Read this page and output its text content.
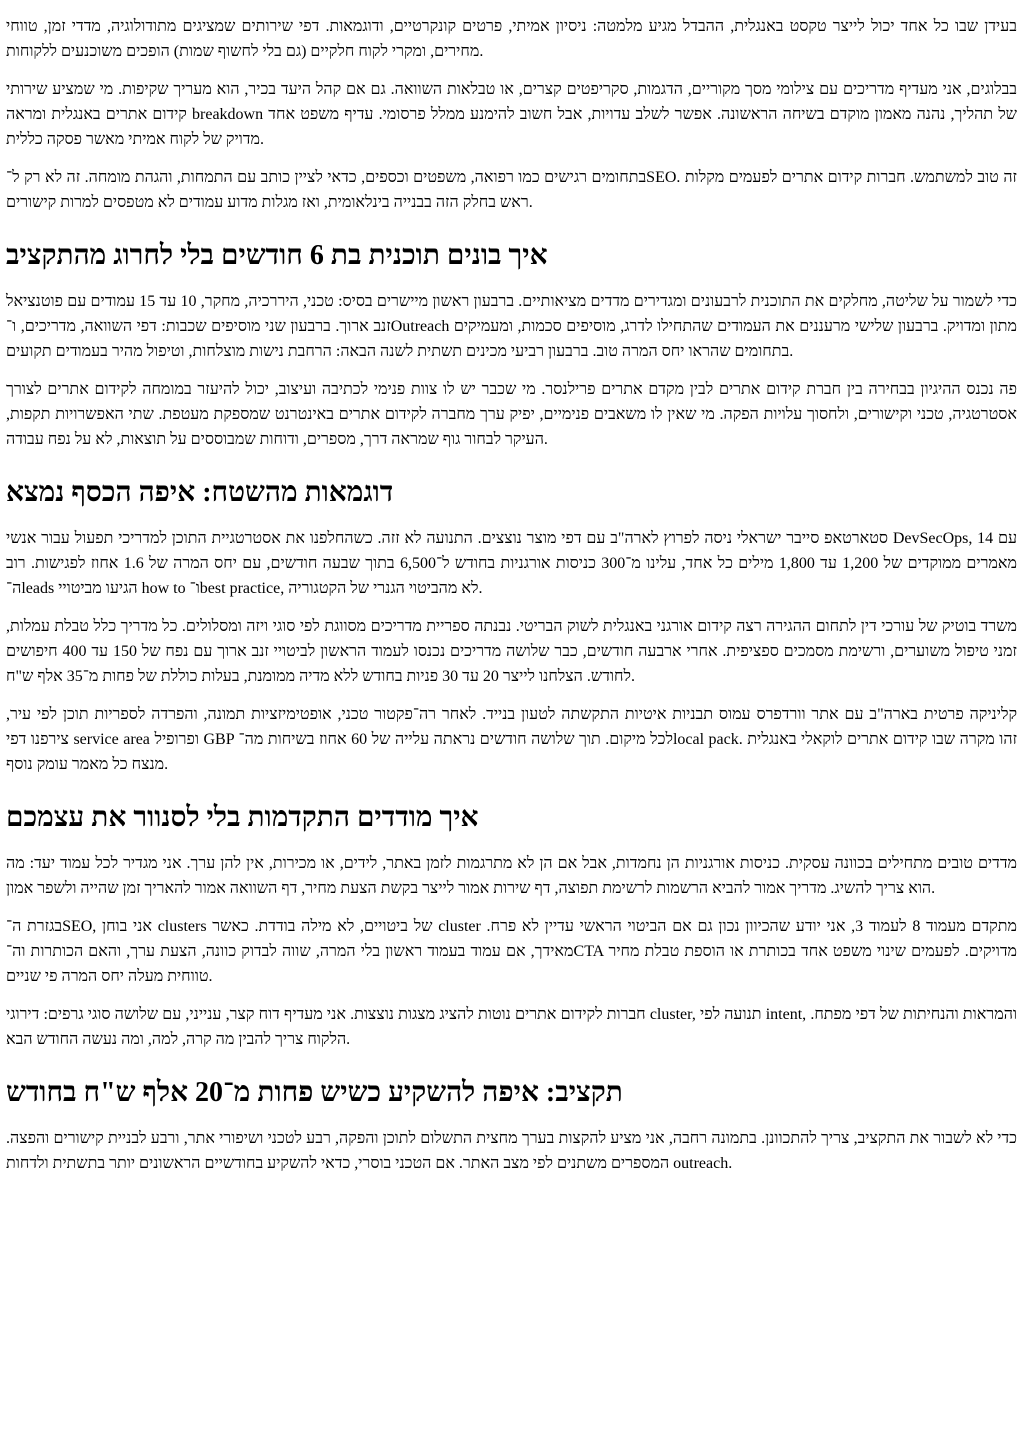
בעידן שבו כל אחד יכול לייצר טקסט באנגלית, ההבדל מגיע מלמטה: ניסיון אמיתי, פרטים קונקרטיים, ודוגמאות. דפי שירותים שמציגים מתודולוגיה, מדדי זמן, טווחי מחירים, ומקרי לקוח חלקיים (גם בלי לחשוף שמות) הופכים משוכנעים ללקוחות.

בבלוגים, אני מעדיף מדריכים עם צילומי מסך מקוריים, הדגמות, סקריפטים קצרים, או טבלאות השוואה. גם אם קהל היעד בכיר, הוא מעריך שקיפות. מי שמציע שירותי קידום אתרים באנגלית ומראה breakdown של תהליך, נהנה מאמון מוקדם בשיחה הראשונה. אפשר לשלב עדויות, אבל חשוב להימנע ממלל פרסומי. עדיף משפט אחד מדויק של לקוח אמיתי מאשר פסקה כללית.

בתחומים רגישים כמו רפואה, משפטים וכספים, כדאי לציין כותב עם התמחות, והגהת מומחה. זה לא רק ל־SEO. זה טוב למשתמש. חברות קידום אתרים לפעמים מקלות ראש בחלק הזה בבנייה בינלאומית, ואז מגלות מדוע עמודים לא מטפסים למרות קישורים.

איך בונים תוכנית בת 6 חודשים בלי לחרוג מהתקציב

כדי לשמור על שליטה, מחלקים את התוכנית לרבעונים ומגדירים מדדים מציאותיים. ברבעון ראשון מיישרים בסיס: טכני, היררכיה, מחקר, 10 עד 15 עמודים עם פוטנציאל זנב ארוך. ברבעון שני מוסיפים שכבות: דפי השוואה, מדריכים, ו־Outreach מתון ומדויק. ברבעון שלישי מרעננים את העמודים שהתחילו לדרג, מוסיפים סכמות, ומעמיקים בתחומים שהראו יחס המרה טוב. ברבעון רביעי מכינים תשתית לשנה הבאה: הרחבת נישות מוצלחות, וטיפול מהיר בעמודים תקועים.

פה נכנס ההיגיון בבחירה בין חברת קידום אתרים לבין מקדם אתרים פרילנסר. מי שכבר יש לו צוות פנימי לכתיבה ועיצוב, יכול להיעזר במומחה לקידום אתרים לצורך אסטרטגיה, טכני וקישורים, ולחסוך עלויות הפקה. מי שאין לו משאבים פנימיים, יפיק ערך מחברה לקידום אתרים באינטרנט שמספקת מעטפת. שתי האפשרויות תקפות, העיקר לבחור גוף שמראה דרך, מספרים, ודוחות שמבוססים על תוצאות, לא על נפח עבודה.

דוגמאות מהשטח: איפה הכסף נמצא

סטארטאפ סייבר ישראלי ניסה לפרוץ לארה"ב עם דפי מוצר נוצצים. התנועה לא זזה. כשהחלפנו את אסטרטגיית התוכן למדריכי תפעול עבור אנשי DevSecOps, עם 14 מאמרים ממוקדים של 1,200 עד 1,800 מילים כל אחד, עלינו מ־300 כניסות אורגניות בחודש ל־6,500 בתוך שבעה חודשים, עם יחס המרה של 1.6 אחוז לפגישות. רוב ה־leads הגיעו מביטויי how to ו־best practice, לא מהביטוי הגנרי של הקטגוריה.

משרד בוטיק של עורכי דין לתחום ההגירה רצה קידום אורגני באנגלית לשוק הבריטי. נבנתה ספריית מדריכים מסווגת לפי סוגי ויזה ומסלולים. כל מדריך כלל טבלת עמלות, זמני טיפול משוערים, ורשימת מסמכים ספציפית. אחרי ארבעה חודשים, כבר שלושה מדריכים נכנסו לעמוד הראשון לביטויי זנב ארוך עם נפח של 150 עד 400 חיפושים לחודש. הצלחנו לייצר 20 עד 30 פניות בחודש ללא מדיה ממומנת, בעלות כוללת של פחות מ־35 אלף ש"ח.

קליניקה פרטית בארה"ב עם אתר וורדפרס עמוס תבניות איטיות התקשתה לטעון בנייד. לאחר רה־פקטור טכני, אופטימיזציות תמונה, והפרדה לספריות תוכן לפי עיר, צירפנו דפי service area ופרופיל GBP לכל מיקום. תוך שלושה חודשים נראתה עלייה של 60 אחוז בשיחות מה־local pack. זהו מקרה שבו קידום אתרים לוקאלי באנגלית מנצח כל מאמר עומק נוסף.

איך מודדים התקדמות בלי לסנוור את עצמכם

מדדים טובים מתחילים בכוונה עסקית. כניסות אורגניות הן נחמדות, אבל אם הן לא מתרגמות לזמן באתר, לידים, או מכירות, אין להן ערך. אני מגדיר לכל עמוד יעד: מה הוא צריך להשיג. מדריך אמור להביא הרשמות לרשימת תפוצה, דף שירות אמור לייצר בקשת הצעת מחיר, דף השוואה אמור להאריך זמן שהייה ולשפר אמון.

בגזרת ה־SEO, אני בוחן clusters של ביטויים, לא מילה בודדת. כאשר cluster מתקדם מעמוד 8 לעמוד 3, אני יודע שהכיוון נכון גם אם הביטוי הראשי עדיין לא פרח. מאידך, אם עמוד בעמוד ראשון בלי המרה, שווה לבדוק כוונה, הצעת ערך, והאם הכותרות וה־CTA מדויקים. לפעמים שינוי משפט אחד בכותרת או הוספת טבלת מחיר טווחית מעלה יחס המרה פי שניים.

חברות לקידום אתרים נוטות להציג מצגות נוצצות. אני מעדיף דוח קצר, ענייני, עם שלושה סוגי גרפים: דירוגי cluster, תנועה לפי intent, והמראות והנחיתות של דפי מפתח. הלקוח צריך להבין מה קרה, למה, ומה נעשה החודש הבא.

תקציב: איפה להשקיע כשיש פחות מ־20 אלף ש"ח בחודש

כדי לא לשבור את התקציב, צריך להתכוונן. בתמונה רחבה, אני מציע להקצות בערך מחצית התשלום לתוכן והפקה, רבע לטכני ושיפורי אתר, ורבע לבניית קישורים והפצה. המספרים משתנים לפי מצב האתר. אם הטכני בוסרי, כדאי להשקיע בחודשיים הראשונים יותר בתשתית ולדחות outreach.
